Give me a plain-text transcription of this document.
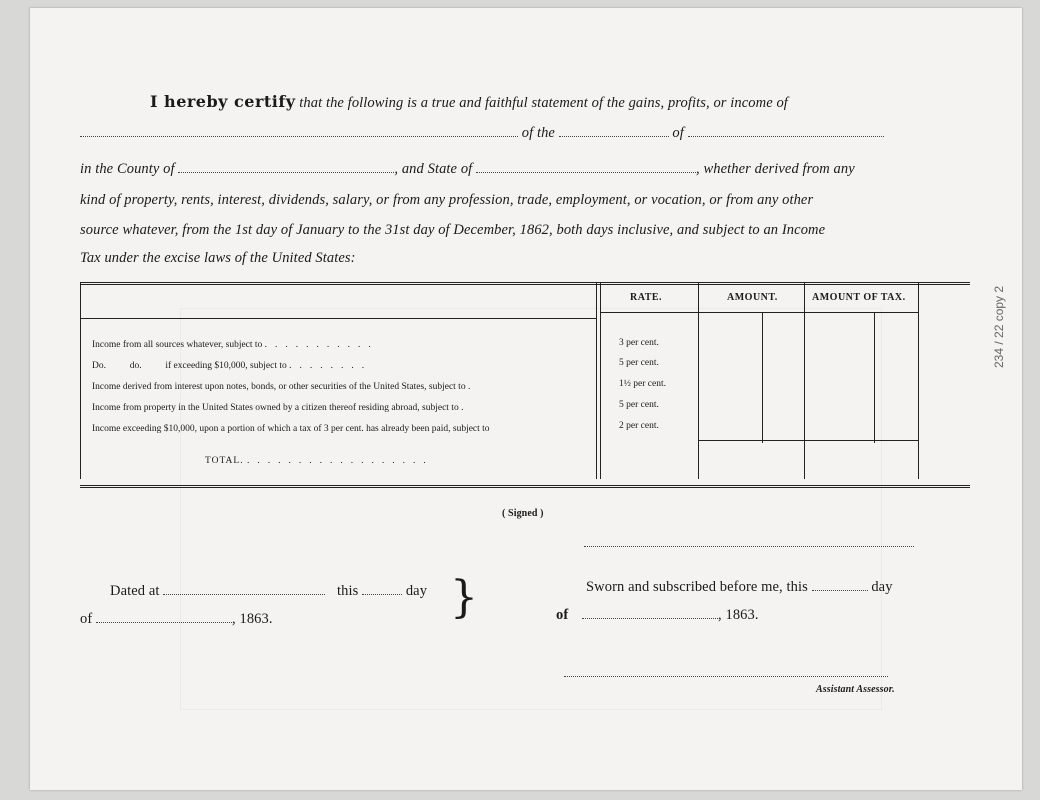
I hereby certify that the following is a true and faithful statement of the gains, profits, or income of
of the	of
in the County of	, and State of	, whether derived from any
kind of property, rents, interest, dividends, salary, or from any profession, trade, employment, or vocation, or from any other
source whatever, from the 1st day of January to the 31st day of December, 1862, both days inclusive, and subject to an Income
Tax under the excise laws of the United States:
RATE.	AMOUNT.	AMOUNT OF TAX.
Income from all sources whatever, subject to ...........	3 per cent.
Do.          do.          if exceeding $10,000, subject to ........	5 per cent.
Income derived from interest upon notes, bonds, or other securities of the United States, subject to .	1½ per cent.
Income from property in the United States owned by a citizen thereof residing abroad, subject to .	5 per cent.
Income exceeding $10,000, upon a portion of which a tax of 3 per cent. has already been paid, subject to	2 per cent.
TOTAL. ..................
( Signed )
Dated at	this	day
of	, 1863.	}	Sworn and subscribed before me, this	day
of	, 1863.
Assistant Assessor.
234 / 22 copy 2
